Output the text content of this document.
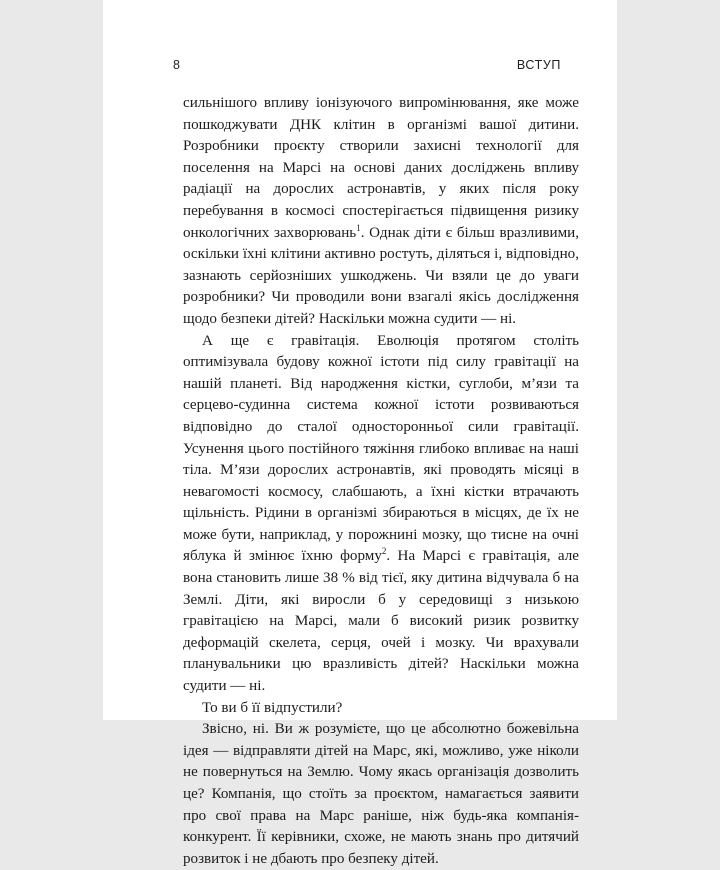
8	ВСТУП

сильнішого впливу іонізуючого випромінювання, яке може пошкоджувати ДНК клітин в організмі вашої дитини. Розробники проєкту створили захисні технології для поселення на Марсі на основі даних досліджень впливу радіації на дорослих астронавтів, у яких після року перебування в космосі спостерігається підвищення ризику онкологічних захворювань$^1$. Однак діти є більш вразливими, оскільки їхні клітини активно ростуть, діляться і, відповідно, зазнають серйозніших ушкоджень. Чи взяли це до уваги розробники? Чи проводили вони взагалі якісь дослідження щодо безпеки дітей? Наскільки можна судити — ні.

А ще є гравітація. Еволюція протягом століть оптимізувала будову кожної істоти під силу гравітації на нашій планеті. Від народження кістки, суглоби, м’язи та серцево-судинна система кожної істоти розвиваються відповідно до сталої односторонньої сили гравітації. Усунення цього постійного тяжіння глибоко впливає на наші тіла. М’язи дорослих астронавтів, які проводять місяці в невагомості космосу, слабшають, а їхні кістки втрачають щільність. Рідини в організмі збираються в місцях, де їх не може бути, наприклад, у порожнині мозку, що тисне на очні яблука й змінює їхню форму$^2$. На Марсі є гравітація, але вона становить лише 38 % від тієї, яку дитина відчувала б на Землі. Діти, які виросли б у середовищі з низькою гравітацією на Марсі, мали б високий ризик розвитку деформацій скелета, серця, очей і мозку. Чи врахували планувальники цю вразливість дітей? Наскільки можна судити — ні.

То ви б її відпустили?

Звісно, ні. Ви ж розумієте, що це абсолютно божевільна ідея — відправляти дітей на Марс, які, можливо, уже ніколи не повернуться на Землю. Чому якась організація дозволить це? Компанія, що стоїть за проєктом, намагається заявити про свої права на Марс раніше, ніж будь-яка компанія-конкурент. Її керівники, схоже, не мають знань про дитячий розвиток і не дбають про безпеку дітей.
